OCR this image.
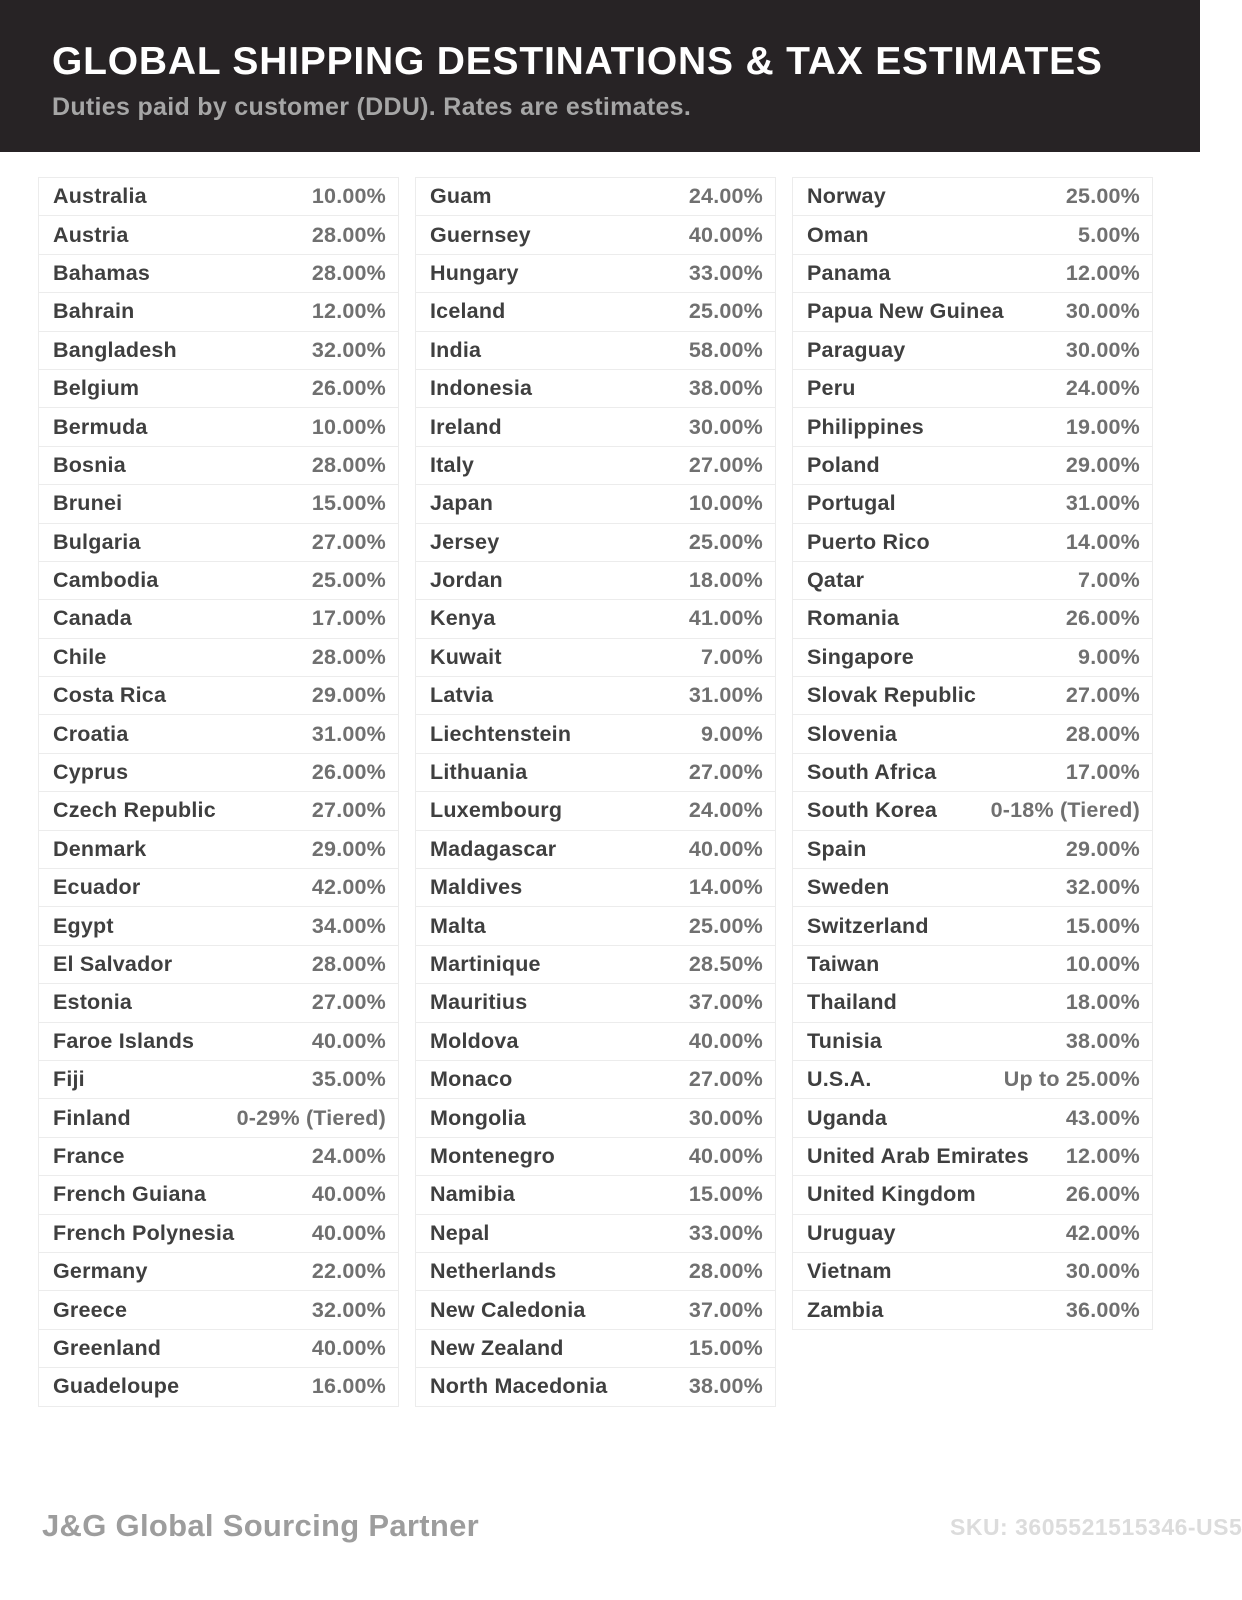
GLOBAL SHIPPING DESTINATIONS & TAX ESTIMATES
Duties paid by customer (DDU). Rates are estimates.
Australia	10.00%
Austria	28.00%
Bahamas	28.00%
Bahrain	12.00%
Bangladesh	32.00%
Belgium	26.00%
Bermuda	10.00%
Bosnia	28.00%
Brunei	15.00%
Bulgaria	27.00%
Cambodia	25.00%
Canada	17.00%
Chile	28.00%
Costa Rica	29.00%
Croatia	31.00%
Cyprus	26.00%
Czech Republic	27.00%
Denmark	29.00%
Ecuador	42.00%
Egypt	34.00%
El Salvador	28.00%
Estonia	27.00%
Faroe Islands	40.00%
Fiji	35.00%
Finland	0-29% (Tiered)
France	24.00%
French Guiana	40.00%
French Polynesia	40.00%
Germany	22.00%
Greece	32.00%
Greenland	40.00%
Guadeloupe	16.00%
Guam	24.00%
Guernsey	40.00%
Hungary	33.00%
Iceland	25.00%
India	58.00%
Indonesia	38.00%
Ireland	30.00%
Italy	27.00%
Japan	10.00%
Jersey	25.00%
Jordan	18.00%
Kenya	41.00%
Kuwait	7.00%
Latvia	31.00%
Liechtenstein	9.00%
Lithuania	27.00%
Luxembourg	24.00%
Madagascar	40.00%
Maldives	14.00%
Malta	25.00%
Martinique	28.50%
Mauritius	37.00%
Moldova	40.00%
Monaco	27.00%
Mongolia	30.00%
Montenegro	40.00%
Namibia	15.00%
Nepal	33.00%
Netherlands	28.00%
New Caledonia	37.00%
New Zealand	15.00%
North Macedonia	38.00%
Norway	25.00%
Oman	5.00%
Panama	12.00%
Papua New Guinea	30.00%
Paraguay	30.00%
Peru	24.00%
Philippines	19.00%
Poland	29.00%
Portugal	31.00%
Puerto Rico	14.00%
Qatar	7.00%
Romania	26.00%
Singapore	9.00%
Slovak Republic	27.00%
Slovenia	28.00%
South Africa	17.00%
South Korea 0-18% (Tiered)
Spain	29.00%
Sweden	32.00%
Switzerland	15.00%
Taiwan	10.00%
Thailand	18.00%
Tunisia	38.00%
U.S.A.	Up to 25.00%
Uganda	43.00%
United Arab Emirates 12.00%
United Kingdom	26.00%
Uruguay	42.00%
Vietnam	30.00%
Zambia	36.00%
J&G Global Sourcing Partner	SKU: 3605521515346-US5
